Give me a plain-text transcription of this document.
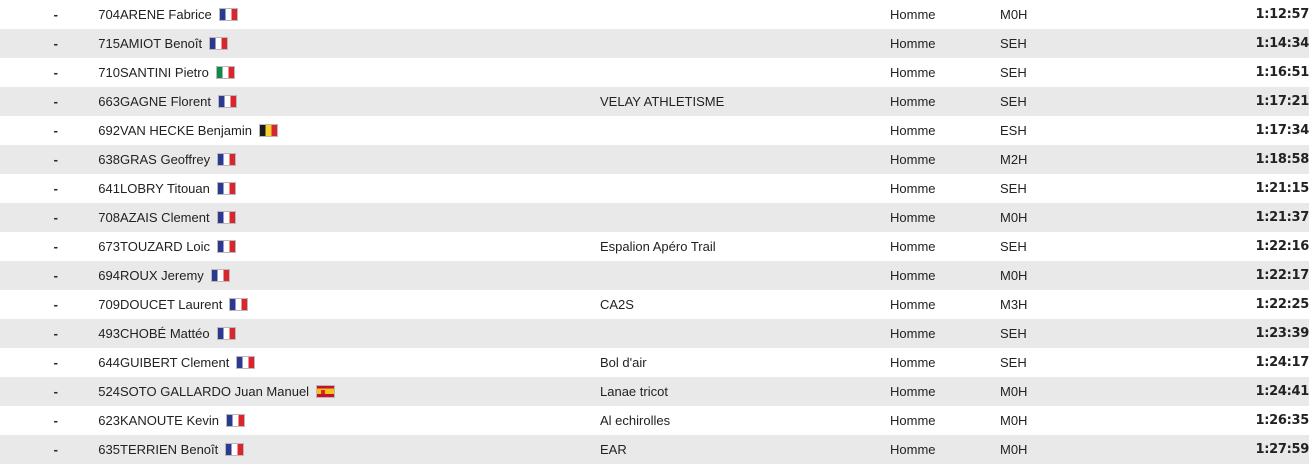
-	704	ARENE Fabrice		Homme	M0H	1:12:57
-	715	AMIOT Benoît		Homme	SEH	1:14:34
-	710	SANTINI Pietro		Homme	SEH	1:16:51
-	663	GAGNE Florent	VELAY ATHLETISME	Homme	SEH	1:17:21
-	692	VAN HECKE Benjamin		Homme	ESH	1:17:34
-	638	GRAS Geoffrey		Homme	M2H	1:18:58
-	641	LOBRY Titouan		Homme	SEH	1:21:15
-	708	AZAIS Clement		Homme	M0H	1:21:37
-	673	TOUZARD Loic	Espalion Apéro Trail	Homme	SEH	1:22:16
-	694	ROUX Jeremy		Homme	M0H	1:22:17
-	709	DOUCET Laurent	CA2S	Homme	M3H	1:22:25
-	493	CHOBÉ Mattéo		Homme	SEH	1:23:39
-	644	GUIBERT Clement	Bol d'air	Homme	SEH	1:24:17
-	524	SOTO GALLARDO Juan Manuel	Lanae tricot	Homme	M0H	1:24:41
-	623	KANOUTE Kevin	Al echirolles	Homme	M0H	1:26:35
-	635	TERRIEN Benoît	EAR	Homme	M0H	1:27:59
